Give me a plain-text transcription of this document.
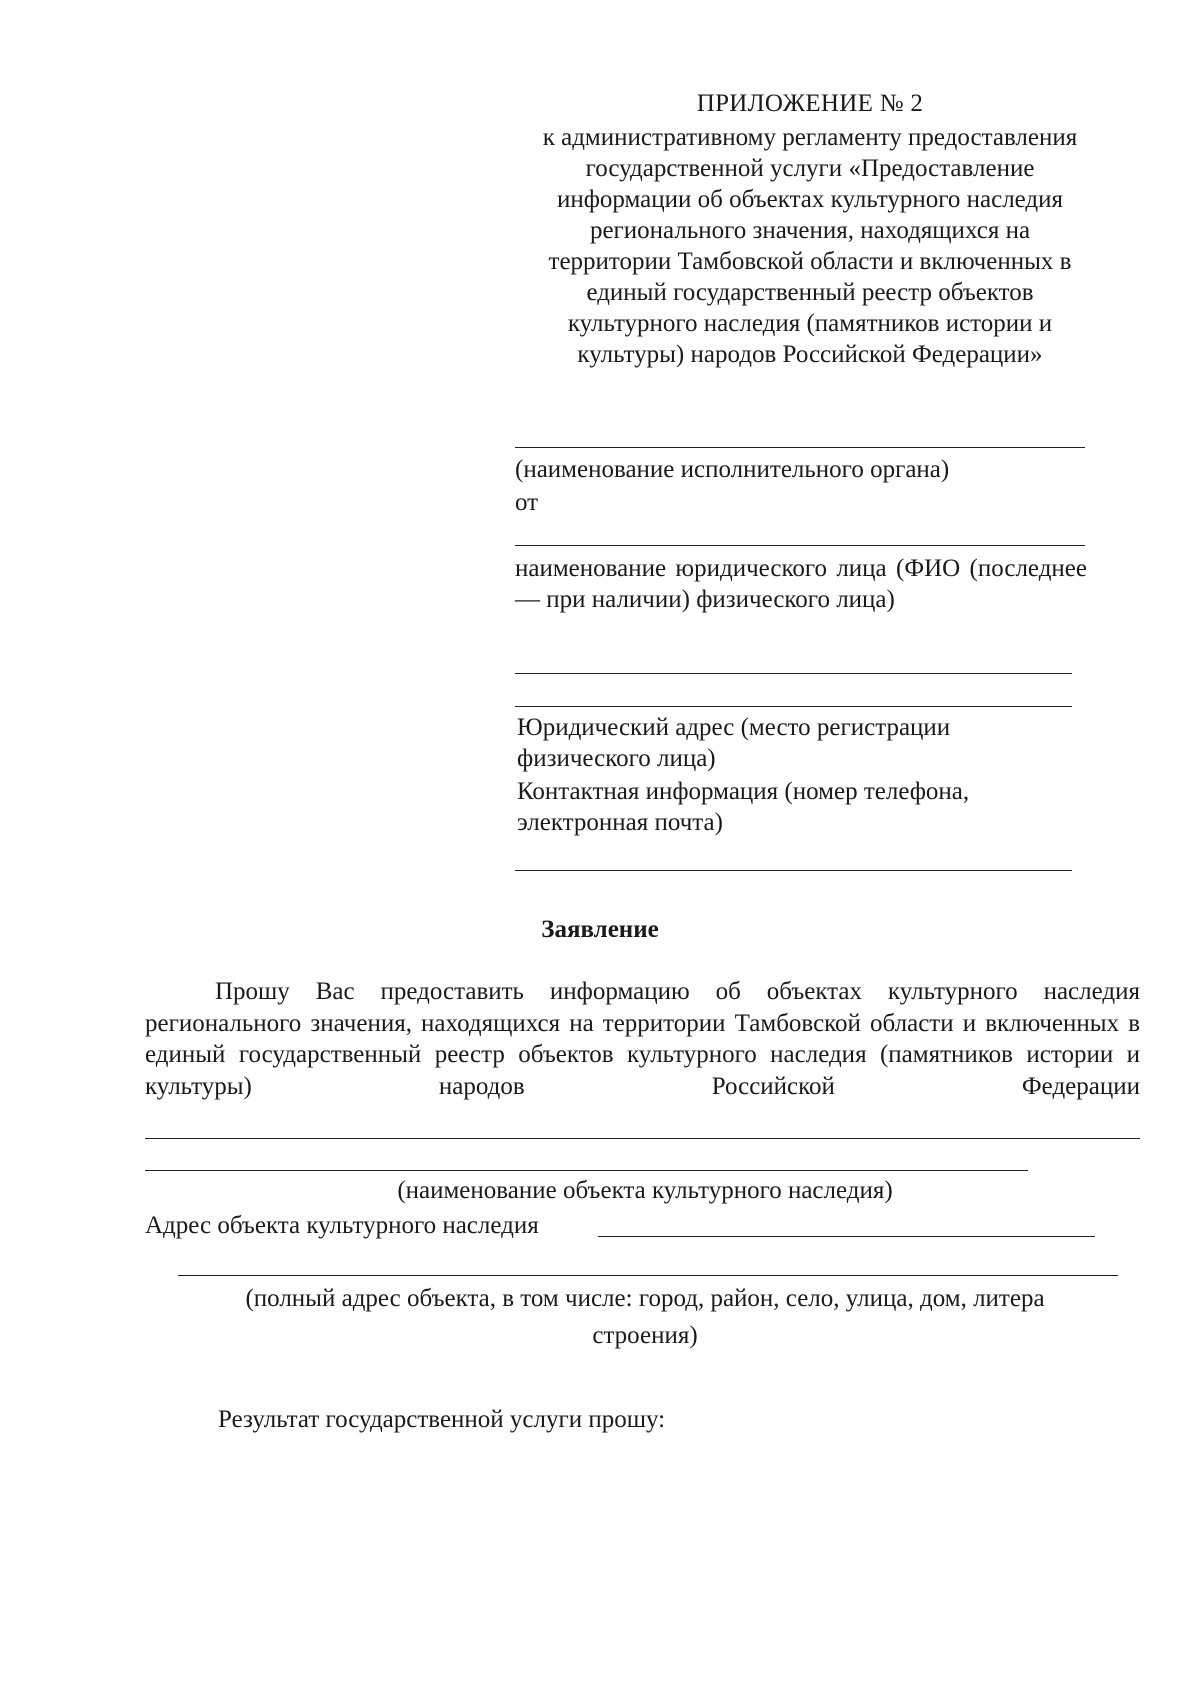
ПРИЛОЖЕНИЕ № 2
к административному регламенту предоставления
государственной услуги «Предоставление
информации об объектах культурного наследия
регионального значения, находящихся на
территории Тамбовской области и включенных в
единый государственный реестр объектов
культурного наследия (памятников истории и
культуры) народов Российской Федерации»
(наименование исполнительного органа)
от
наименование юридического лица (ФИО (последнее — при наличии) физического лица)
Юридический адрес (место регистрации физического лица)
Контактная информация (номер телефона, электронная почта)
Заявление
Прошу Вас предоставить информацию об объектах культурного наследия регионального значения, находящихся на территории Тамбовской области и включенных в единый государственный реестр объектов культурного наследия (памятников истории и культуры) народов Российской Федерации
(наименование объекта культурного наследия)
Адрес объекта культурного наследия
(полный адрес объекта, в том числе: город, район, село, улица, дом, литера
строения)
Результат государственной услуги прошу:
